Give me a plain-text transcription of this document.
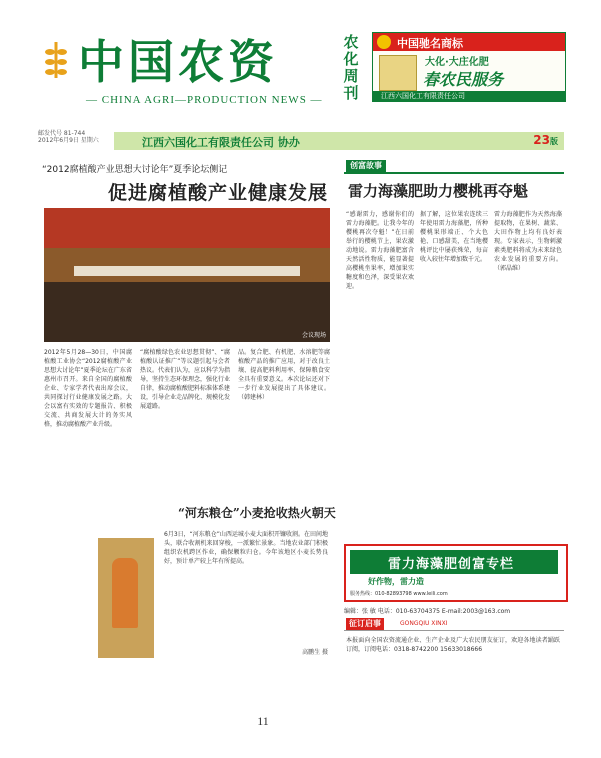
中国农资
— CHINA AGRI—PRODUCTION NEWS —
农化周刊
中国驰名商标
大化·大庄化肥
春农民服务
江西六国化工有限责任公司
邮发代号 81-744
2012年6月9日 星期六	江西六国化工有限责任公司 协办	23版
“2012腐植酸产业思想大讨论年”夏季论坛侧记
促进腐植酸产业健康发展
会议现场
2012年5月28—30日，中国腐植酸工业协会“2012腐植酸产业思想大讨论年”夏季论坛在广东省惠州市召开。来自全国的腐植酸企业、专家学者代表出席会议，共同探讨行业健康发展之路。大会以富有实效的专题报告、积极交流、共商发展大计的务实风格，推动腐植酸产业升级。
“腐植酸绿色农业思想贯彻”、“腐植酸认证推广”等议题引起与会者热议。代表们认为，应以科学为指导，坚持生态环保理念，强化行业自律，推动腐植酸肥料标准体系建设，引导企业走品牌化、规模化发展道路。
品。复合肥、有机肥、水溶肥等腐植酸产品的推广应用，对于改良土壤、提高肥料利用率、保障粮食安全具有重要意义。本次论坛还对下一步行业发展提出了具体建议。（韩建林）
“河东粮仓”小麦抢收热火朝天
6月3日，“河东粮仓”山西运城小麦大面积开镰收割。在田间地头，联合收割机来回穿梭，一派繁忙景象。当地农业部门积极组织农机跨区作业，确保颗粒归仓。今年该地区小麦长势良好，预计单产较上年有所提高。
高鹏生 摄
创富故事
雷力海藻肥助力樱桃再夺魁
“感谢雷力，感谢你们的雷力海藻肥。让我今年的樱桃再次夺魁！”在日前举行的樱桃节上，果农激动地说。雷力海藻肥富含天然活性物质，能显著提高樱桃坐果率，增加果实糖度和色泽，深受果农欢迎。
据了解，这位果农连续三年使用雷力海藻肥，所种樱桃果形端正、个大色艳、口感甜美，在当地樱桃评比中屡获殊荣，每亩收入较往年增加数千元。
雷力海藻肥作为天然海藻提取物，在果树、蔬菜、大田作物上均有良好表现。专家表示，生物刺激素类肥料将成为未来绿色农业发展的重要方向。（郭晶维）
雷力海藻肥创富专栏
好作物，雷力造
服务热线：010-82893798 www.leili.com
编辑：张 敏 电话：010-63704375 E-mail:2003@163.com
征订启事	GONGQIU XINXI
本报面向全国农资流通企业、生产企业及广大农民朋友征订，欢迎各地读者踊跃订阅，订阅电话：0318-8742200 15633018666
11
